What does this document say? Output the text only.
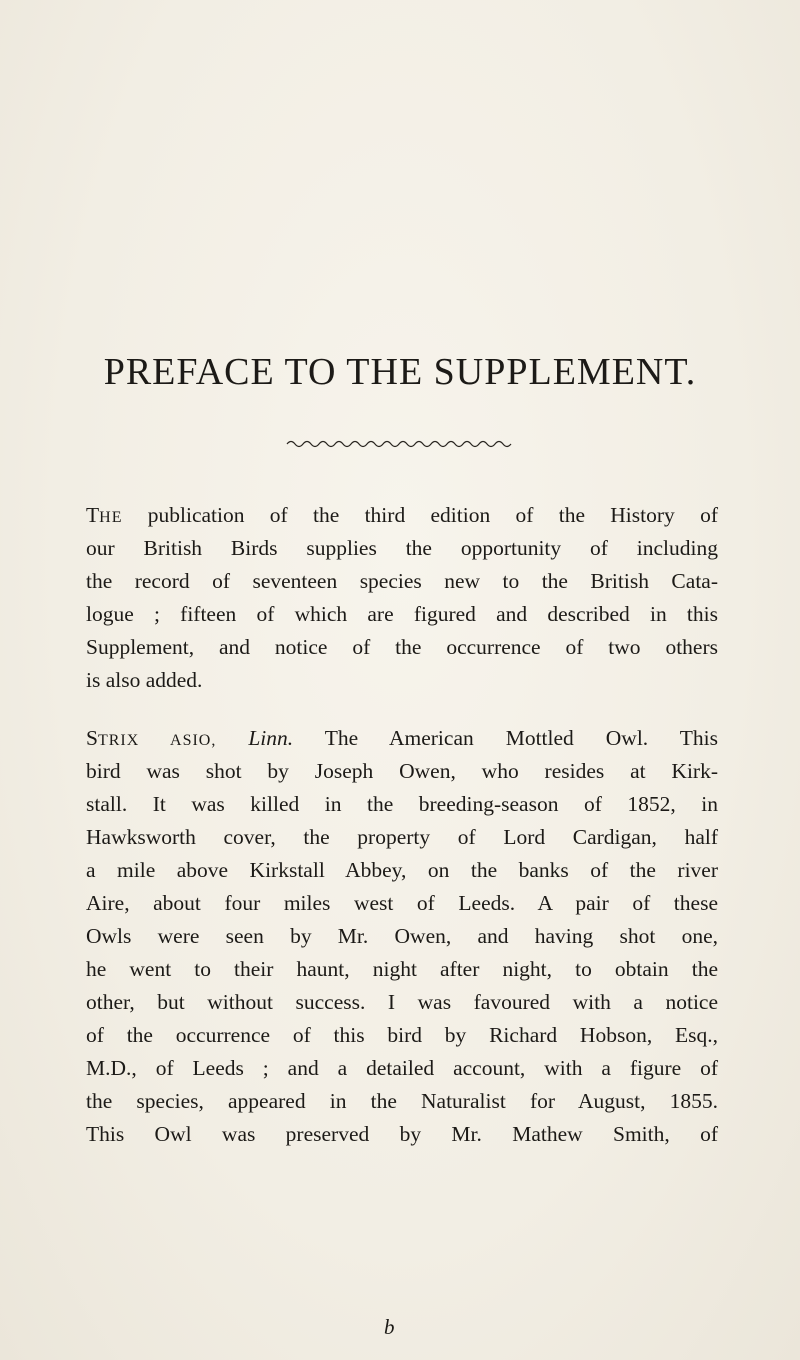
PREFACE TO THE SUPPLEMENT.
THE publication of the third edition of the History of
our British Birds supplies the opportunity of including
the record of seventeen species new to the British Cata-
logue ; fifteen of which are figured and described in this
Supplement, and notice of the occurrence of two others
is also added.
STRIX ASIO, Linn. The American Mottled Owl. This
bird was shot by Joseph Owen, who resides at Kirk-
stall. It was killed in the breeding-season of 1852, in
Hawksworth cover, the property of Lord Cardigan, half
a mile above Kirkstall Abbey, on the banks of the river
Aire, about four miles west of Leeds. A pair of these
Owls were seen by Mr. Owen, and having shot one,
he went to their haunt, night after night, to obtain the
other, but without success. I was favoured with a notice
of the occurrence of this bird by Richard Hobson, Esq.,
M.D., of Leeds ; and a detailed account, with a figure of
the species, appeared in the Naturalist for August, 1855.
This Owl was preserved by Mr. Mathew Smith, of
b
